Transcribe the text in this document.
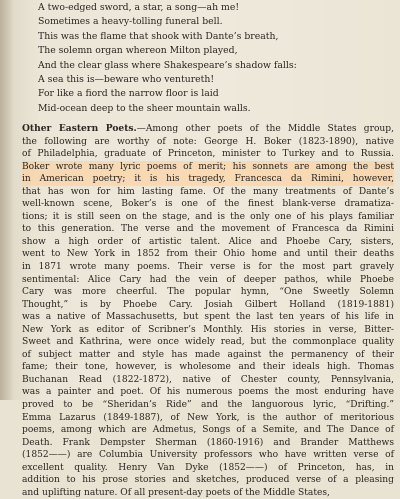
A two-edged sword, a star, a song—ah me!
Sometimes a heavy-tolling funeral bell.
This was the flame that shook with Dante’s breath,
The solemn organ whereon Milton played,
And the clear glass where Shakespeare’s shadow falls:
A sea this is—beware who ventureth!
For like a fiord the narrow floor is laid
Mid-ocean deep to the sheer mountain walls.
Other Eastern Poets.—Among other poets of the Middle States group,
the following are worthy of note: George H. Boker (1823-1890), native
of Philadelphia, graduate of Princeton, minister to Turkey and to Russia.
Boker wrote many lyric poems of merit; his sonnets are among the best
in American poetry; it is his tragedy, Francesca da Rimini, however,
that has won for him lasting fame. Of the many treatments of Dante’s
well-known scene, Boker’s is one of the finest blank-verse dramatiza-
tions; it is still seen on the stage, and is the only one of his plays familiar
to this generation. The verse and the movement of Francesca da Rimini
show a high order of artistic talent. Alice and Phoebe Cary, sisters,
went to New York in 1852 from their Ohio home and until their deaths
in 1871 wrote many poems. Their verse is for the most part gravely
sentimental: Alice Cary had the vein of deeper pathos, while Phoebe
Cary was more cheerful. The popular hymn, “One Sweetly Solemn
Thought,” is by Phoebe Cary. Josiah Gilbert Holland (1819-1881)
was a native of Massachusetts, but spent the last ten years of his life in
New York as editor of Scribner’s Monthly. His stories in verse, Bitter-
Sweet and Kathrina, were once widely read, but the commonplace quality
of subject matter and style has made against the permanency of their
fame; their tone, however, is wholesome and their ideals high. Thomas
Buchanan Read (1822-1872), native of Chester county, Pennsylvania,
was a painter and poet. Of his numerous poems the most enduring have
proved to be “Sheridan’s Ride” and the languorous lyric, “Drifting.”
Emma Lazarus (1849-1887), of New York, is the author of meritorious
poems, among which are Admetus, Songs of a Semite, and The Dance of
Death. Frank Dempster Sherman (1860-1916) and Brander Matthews
(1852——) are Columbia University professors who have written verse of
excellent quality. Henry Van Dyke (1852——) of Princeton, has, in
addition to his prose stories and sketches, produced verse of a pleasing
and uplifting nature. Of all present-day poets of the Middle States,
